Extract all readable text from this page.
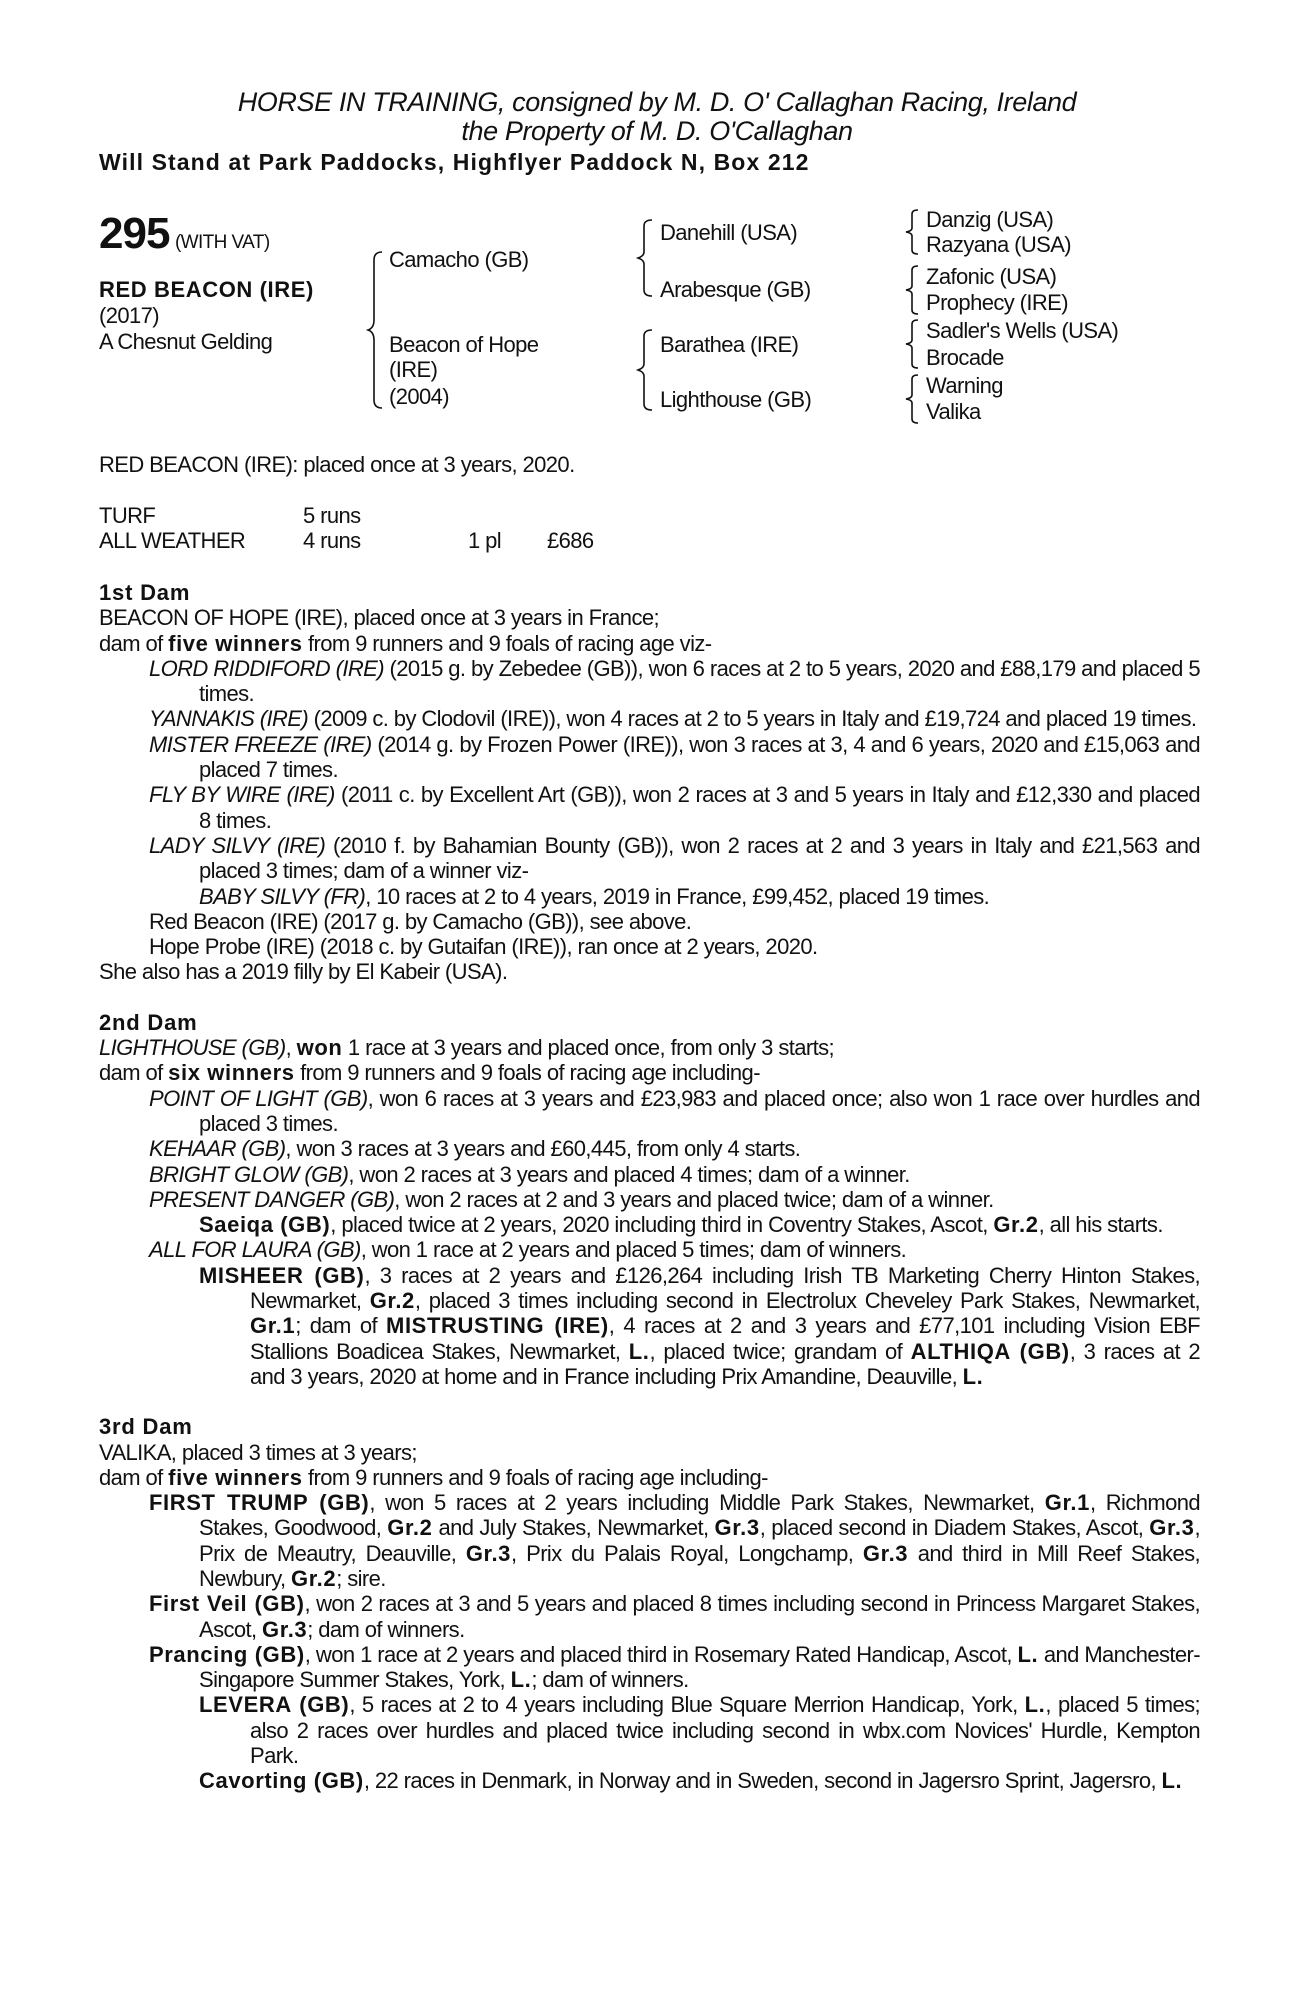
HORSE IN TRAINING, consigned by M. D. O' Callaghan Racing, Ireland
the Property of M. D. O'Callaghan
Will Stand at Park Paddocks, Highflyer Paddock N, Box 212
295 (WITH VAT)
RED BEACON (IRE)
(2017)
A Chesnut Gelding
Camacho (GB)
Beacon of Hope
(IRE)
(2004)
Danehill (USA)
Arabesque (GB)
Barathea (IRE)
Lighthouse (GB)
Danzig (USA)
Razyana (USA)
Zafonic (USA)
Prophecy (IRE)
Sadler's Wells (USA)
Brocade
Warning
Valika
RED BEACON (IRE): placed once at 3 years, 2020.
TURF	5 runs
ALL WEATHER	4 runs	1 pl £686
1st Dam
BEACON OF HOPE (IRE), placed once at 3 years in France;
dam of five winners from 9 runners and 9 foals of racing age viz-
LORD RIDDIFORD (IRE) (2015 g. by Zebedee (GB)), won 6 races at 2 to 5 years, 2020 and £88,179 and placed 5 times.
YANNAKIS (IRE) (2009 c. by Clodovil (IRE)), won 4 races at 2 to 5 years in Italy and £19,724 and placed 19 times.
MISTER FREEZE (IRE) (2014 g. by Frozen Power (IRE)), won 3 races at 3, 4 and 6 years, 2020 and £15,063 and placed 7 times.
FLY BY WIRE (IRE) (2011 c. by Excellent Art (GB)), won 2 races at 3 and 5 years in Italy and £12,330 and placed 8 times.
LADY SILVY (IRE) (2010 f. by Bahamian Bounty (GB)), won 2 races at 2 and 3 years in Italy and £21,563 and placed 3 times; dam of a winner viz-
BABY SILVY (FR), 10 races at 2 to 4 years, 2019 in France, £99,452, placed 19 times.
Red Beacon (IRE) (2017 g. by Camacho (GB)), see above.
Hope Probe (IRE) (2018 c. by Gutaifan (IRE)), ran once at 2 years, 2020.
She also has a 2019 filly by El Kabeir (USA).
2nd Dam
LIGHTHOUSE (GB), won 1 race at 3 years and placed once, from only 3 starts;
dam of six winners from 9 runners and 9 foals of racing age including-
POINT OF LIGHT (GB), won 6 races at 3 years and £23,983 and placed once; also won 1 race over hurdles and placed 3 times.
KEHAAR (GB), won 3 races at 3 years and £60,445, from only 4 starts.
BRIGHT GLOW (GB), won 2 races at 3 years and placed 4 times; dam of a winner.
PRESENT DANGER (GB), won 2 races at 2 and 3 years and placed twice; dam of a winner.
Saeiqa (GB), placed twice at 2 years, 2020 including third in Coventry Stakes, Ascot, Gr.2, all his starts.
ALL FOR LAURA (GB), won 1 race at 2 years and placed 5 times; dam of winners.
MISHEER (GB), 3 races at 2 years and £126,264 including Irish TB Marketing Cherry Hinton Stakes, Newmarket, Gr.2, placed 3 times including second in Electrolux Cheveley Park Stakes, Newmarket, Gr.1; dam of MISTRUSTING (IRE), 4 races at 2 and 3 years and £77,101 including Vision EBF Stallions Boadicea Stakes, Newmarket, L., placed twice; grandam of ALTHIQA (GB), 3 races at 2 and 3 years, 2020 at home and in France including Prix Amandine, Deauville, L.
3rd Dam
VALIKA, placed 3 times at 3 years;
dam of five winners from 9 runners and 9 foals of racing age including-
FIRST TRUMP (GB), won 5 races at 2 years including Middle Park Stakes, Newmarket, Gr.1, Richmond Stakes, Goodwood, Gr.2 and July Stakes, Newmarket, Gr.3, placed second in Diadem Stakes, Ascot, Gr.3, Prix de Meautry, Deauville, Gr.3, Prix du Palais Royal, Longchamp, Gr.3 and third in Mill Reef Stakes, Newbury, Gr.2; sire.
First Veil (GB), won 2 races at 3 and 5 years and placed 8 times including second in Princess Margaret Stakes, Ascot, Gr.3; dam of winners.
Prancing (GB), won 1 race at 2 years and placed third in Rosemary Rated Handicap, Ascot, L. and Manchester-Singapore Summer Stakes, York, L.; dam of winners.
LEVERA (GB), 5 races at 2 to 4 years including Blue Square Merrion Handicap, York, L., placed 5 times; also 2 races over hurdles and placed twice including second in wbx.com Novices' Hurdle, Kempton Park.
Cavorting (GB), 22 races in Denmark, in Norway and in Sweden, second in Jagersro Sprint, Jagersro, L.
